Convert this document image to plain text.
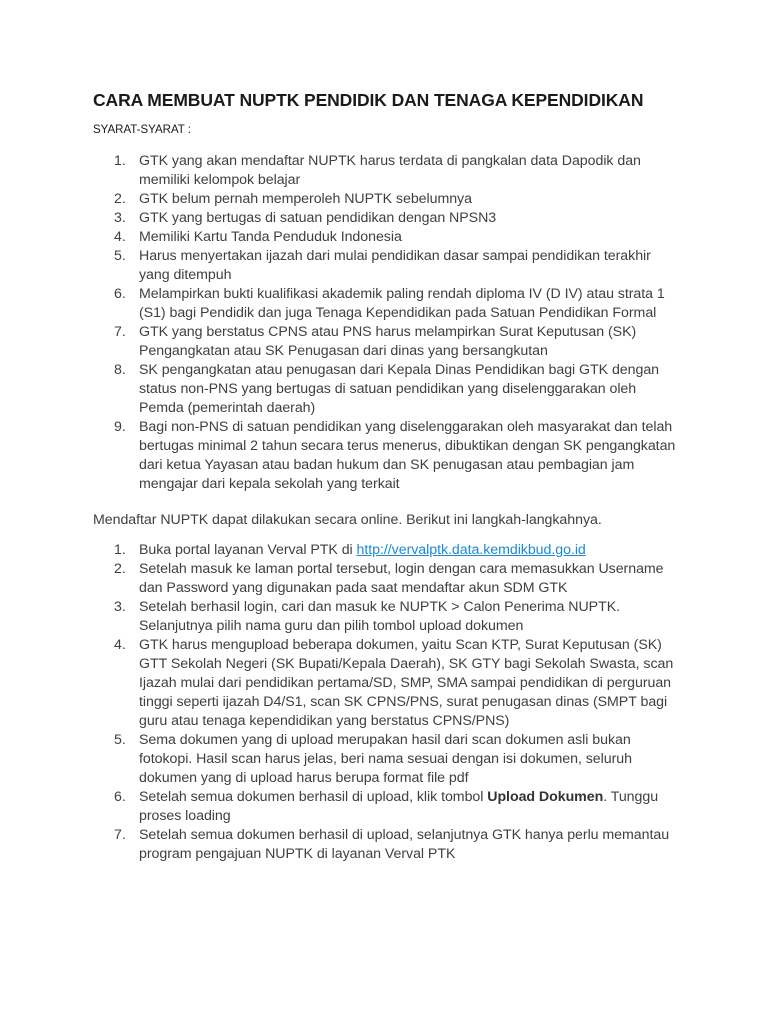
CARA MEMBUAT NUPTK PENDIDIK DAN TENAGA KEPENDIDIKAN
SYARAT-SYARAT :
1. GTK yang akan mendaftar NUPTK harus terdata di pangkalan data Dapodik dan memiliki kelompok belajar
2. GTK belum pernah memperoleh NUPTK sebelumnya
3. GTK yang bertugas di satuan pendidikan dengan NPSN3
4. Memiliki Kartu Tanda Penduduk Indonesia
5. Harus menyertakan ijazah dari mulai pendidikan dasar sampai pendidikan terakhir yang ditempuh
6. Melampirkan bukti kualifikasi akademik paling rendah diploma IV (D IV) atau strata 1 (S1) bagi Pendidik dan juga Tenaga Kependidikan pada Satuan Pendidikan Formal
7. GTK yang berstatus CPNS atau PNS harus melampirkan Surat Keputusan (SK) Pengangkatan atau SK Penugasan dari dinas yang bersangkutan
8. SK pengangkatan atau penugasan dari Kepala Dinas Pendidikan bagi GTK dengan status non-PNS yang bertugas di satuan pendidikan yang diselenggarakan oleh Pemda (pemerintah daerah)
9. Bagi non-PNS di satuan pendidikan yang diselenggarakan oleh masyarakat dan telah bertugas minimal 2 tahun secara terus menerus, dibuktikan dengan SK pengangkatan dari ketua Yayasan atau badan hukum dan SK penugasan atau pembagian jam mengajar dari kepala sekolah yang terkait

Mendaftar NUPTK dapat dilakukan secara online. Berikut ini langkah-langkahnya.

1. Buka portal layanan Verval PTK di http://vervalptk.data.kemdikbud.go.id
2. Setelah masuk ke laman portal tersebut, login dengan cara memasukkan Username dan Password yang digunakan pada saat mendaftar akun SDM GTK
3. Setelah berhasil login, cari dan masuk ke NUPTK > Calon Penerima NUPTK. Selanjutnya pilih nama guru dan pilih tombol upload dokumen
4. GTK harus mengupload beberapa dokumen, yaitu Scan KTP, Surat Keputusan (SK) GTT Sekolah Negeri (SK Bupati/Kepala Daerah), SK GTY bagi Sekolah Swasta, scan Ijazah mulai dari pendidikan pertama/SD, SMP, SMA sampai pendidikan di perguruan tinggi seperti ijazah D4/S1, scan SK CPNS/PNS, surat penugasan dinas (SMPT bagi guru atau tenaga kependidikan yang berstatus CPNS/PNS)
5. Sema dokumen yang di upload merupakan hasil dari scan dokumen asli bukan fotokopi. Hasil scan harus jelas, beri nama sesuai dengan isi dokumen, seluruh dokumen yang di upload harus berupa format file pdf
6. Setelah semua dokumen berhasil di upload, klik tombol Upload Dokumen. Tunggu proses loading
7. Setelah semua dokumen berhasil di upload, selanjutnya GTK hanya perlu memantau program pengajuan NUPTK di layanan Verval PTK
